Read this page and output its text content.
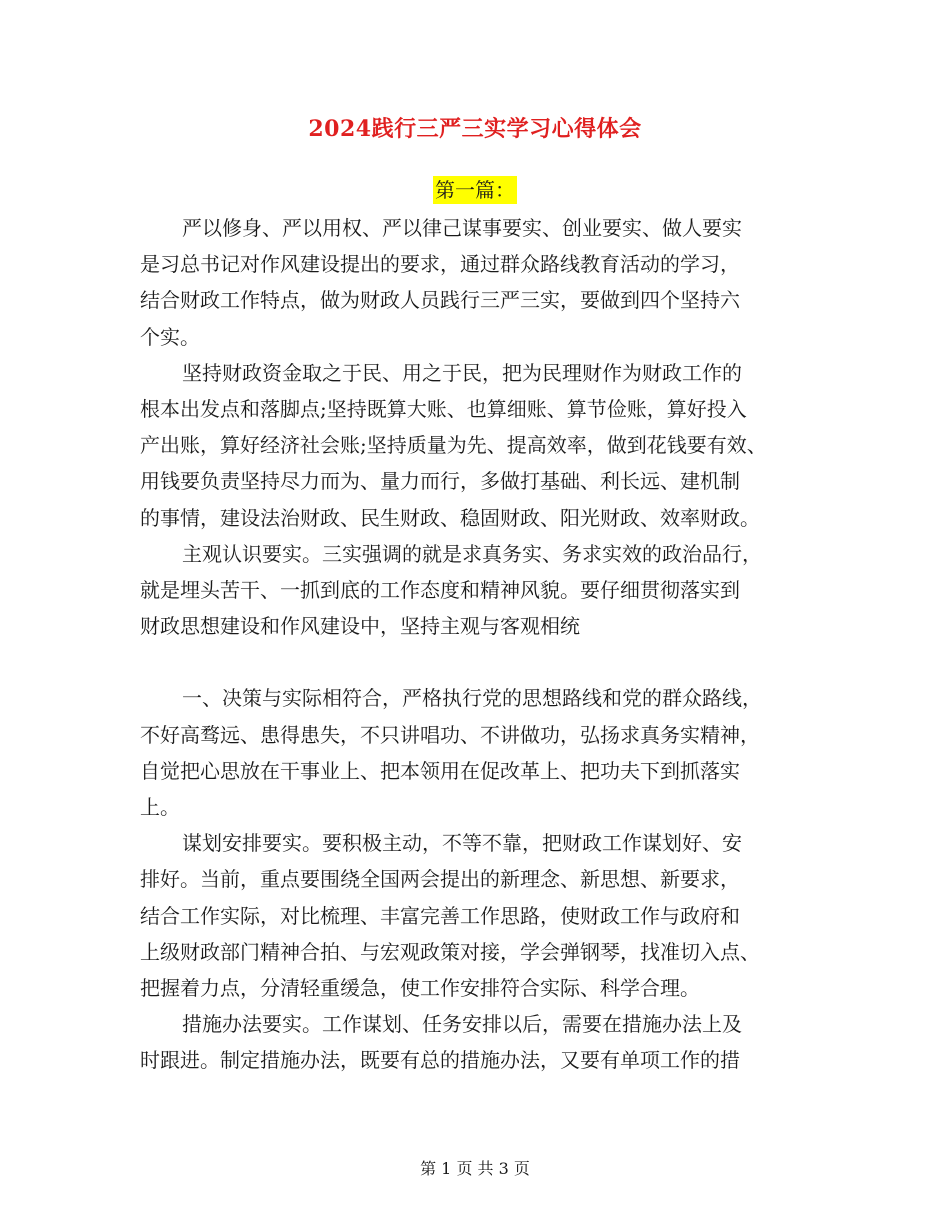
2024践行三严三实学习心得体会
第一篇：
严以修身、严以用权、严以律己谋事要实、创业要实、做人要实
是习总书记对作风建设提出的要求，通过群众路线教育活动的学习，
结合财政工作特点，做为财政人员践行三严三实，要做到四个坚持六
个实。
坚持财政资金取之于民、用之于民，把为民理财作为财政工作的
根本出发点和落脚点;坚持既算大账、也算细账、算节俭账，算好投入
产出账，算好经济社会账;坚持质量为先、提高效率，做到花钱要有效、
用钱要负责坚持尽力而为、量力而行，多做打基础、利长远、建机制
的事情，建设法治财政、民生财政、稳固财政、阳光财政、效率财政。
主观认识要实。三实强调的就是求真务实、务求实效的政治品行，
就是埋头苦干、一抓到底的工作态度和精神风貌。要仔细贯彻落实到
财政思想建设和作风建设中，坚持主观与客观相统
一、决策与实际相符合，严格执行党的思想路线和党的群众路线，
不好高骛远、患得患失，不只讲唱功、不讲做功，弘扬求真务实精神，
自觉把心思放在干事业上、把本领用在促改革上、把功夫下到抓落实
上。
谋划安排要实。要积极主动，不等不靠，把财政工作谋划好、安
排好。当前，重点要围绕全国两会提出的新理念、新思想、新要求，
结合工作实际，对比梳理、丰富完善工作思路，使财政工作与政府和
上级财政部门精神合拍、与宏观政策对接，学会弹钢琴，找准切入点、
把握着力点，分清轻重缓急，使工作安排符合实际、科学合理。
措施办法要实。工作谋划、任务安排以后，需要在措施办法上及
时跟进。制定措施办法，既要有总的措施办法，又要有单项工作的措
第 1 页 共 3 页
